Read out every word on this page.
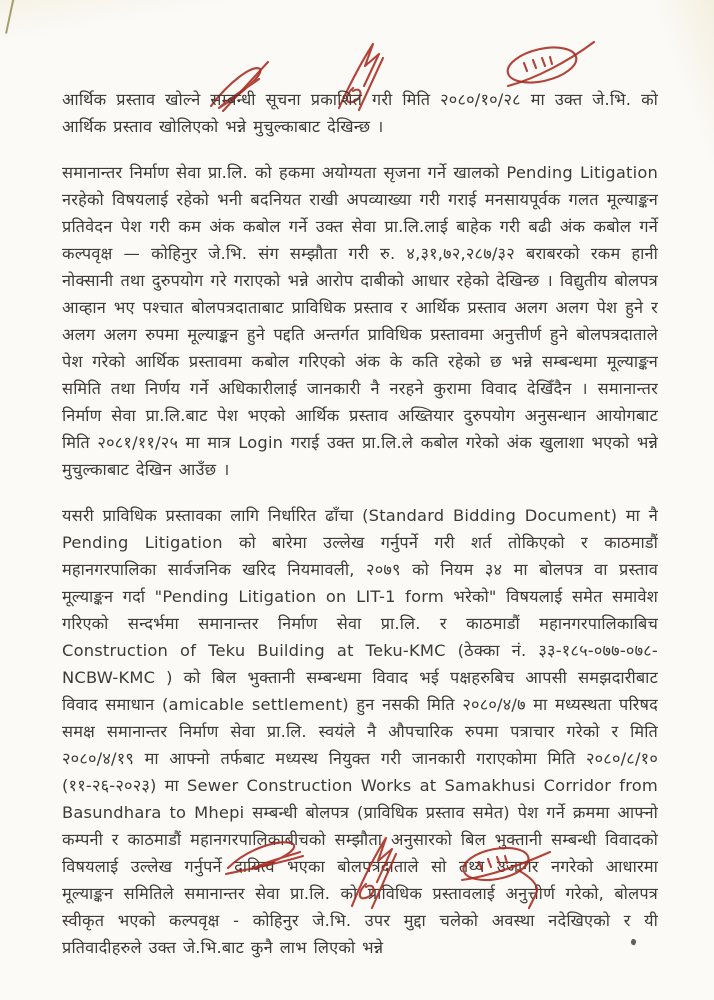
आर्थिक प्रस्ताव खोल्ने सम्बन्धी सूचना प्रकाशित गरी मिति २०८०/१०/२८ मा उक्त जे.भि. को आर्थिक प्रस्ताव खोलिएको भन्ने मुचुल्काबाट देखिन्छ ।

समानान्तर निर्माण सेवा प्रा.लि. को हकमा अयोग्यता सृजना गर्ने खालको Pending Litigation नरहेको विषयलाई रहेको भनी बदनियत राखी अपव्याख्या गरी गराई मनसायपूर्वक गलत मूल्याङ्कन प्रतिवेदन पेश गरी कम अंक कबोल गर्ने उक्त सेवा प्रा.लि.लाई बाहेक गरी बढी अंक कबोल गर्ने कल्पवृक्ष — कोहिनुर जे.भि. संग सम्झौता गरी रु. ४,३१,७२,२८७/३२ बराबरको रकम हानी नोक्सानी तथा दुरुपयोग गरे गराएको भन्ने आरोप दाबीको आधार रहेको देखिन्छ । विद्युतीय बोलपत्र आव्हान भए पश्चात बोलपत्रदाताबाट प्राविधिक प्रस्ताव र आर्थिक प्रस्ताव अलग अलग पेश हुने र अलग अलग रुपमा मूल्याङ्कन हुने पद्दति अन्तर्गत प्राविधिक प्रस्तावमा अनुत्तीर्ण हुने बोलपत्रदाताले पेश गरेको आर्थिक प्रस्तावमा कबोल गरिएको अंक के कति रहेको छ भन्ने सम्बन्धमा मूल्याङ्कन समिति तथा निर्णय गर्ने अधिकारीलाई जानकारी नै नरहने कुरामा विवाद देखिँदैन । समानान्तर निर्माण सेवा प्रा.लि.बाट पेश भएको आर्थिक प्रस्ताव अख्तियार दुरुपयोग अनुसन्धान आयोगबाट मिति २०८१/११/२५ मा मात्र Login गराई उक्त प्रा.लि.ले कबोल गरेको अंक खुलाशा भएको भन्ने मुचुल्काबाट देखिन आउँछ ।

यसरी प्राविधिक प्रस्तावका लागि निर्धारित ढाँचा (Standard Bidding Document) मा नै Pending Litigation को बारेमा उल्लेख गर्नुपर्ने गरी शर्त तोकिएको र काठमाडौं महानगरपालिका सार्वजनिक खरिद नियमावली, २०७९ को नियम ३४ मा बोलपत्र वा प्रस्ताव मूल्याङ्कन गर्दा "Pending Litigation on LIT-1 form भरेको" विषयलाई समेत समावेश गरिएको सन्दर्भमा समानान्तर निर्माण सेवा प्रा.लि. र काठमाडौं महानगरपालिकाबिच Construction of Teku Building at Teku-KMC (ठेक्का नं. ३३-१८५-०७७-०७८-NCBW-KMC ) को बिल भुक्तानी सम्बन्धमा विवाद भई पक्षहरुबिच आपसी समझदारीबाट विवाद समाधान (amicable settlement) हुन नसकी मिति २०८०/४/७ मा मध्यस्थता परिषद समक्ष समानान्तर निर्माण सेवा प्रा.लि. स्वयंले नै औपचारिक रुपमा पत्राचार गरेको र मिति २०८०/४/१९ मा आफ्नो तर्फबाट मध्यस्थ नियुक्त गरी जानकारी गराएकोमा मिति २०८०/८/१० (११-२६-२०२३) मा Sewer Construction Works at Samakhusi Corridor from Basundhara to Mhepi सम्बन्धी बोलपत्र (प्राविधिक प्रस्ताव समेत) पेश गर्ने क्रममा आफ्नो कम्पनी र काठमाडौं महानगरपालिकाबीचको सम्झौता अनुसारको बिल भुक्तानी सम्बन्धी विवादको विषयलाई उल्लेख गर्नुपर्ने दायित्व भएका बोलपत्रदाताले सो तथ्य उजागर नगरेको आधारमा मूल्याङ्कन समितिले समानान्तर सेवा प्रा.लि. को प्राविधिक प्रस्तावलाई अनुत्तीर्ण गरेको, बोलपत्र स्वीकृत भएको कल्पवृक्ष - कोहिनुर जे.भि. उपर मुद्दा चलेको अवस्था नदेखिएको र यी प्रतिवादीहरुले उक्त जे.भि.बाट कुनै लाभ लिएको भन्ने
